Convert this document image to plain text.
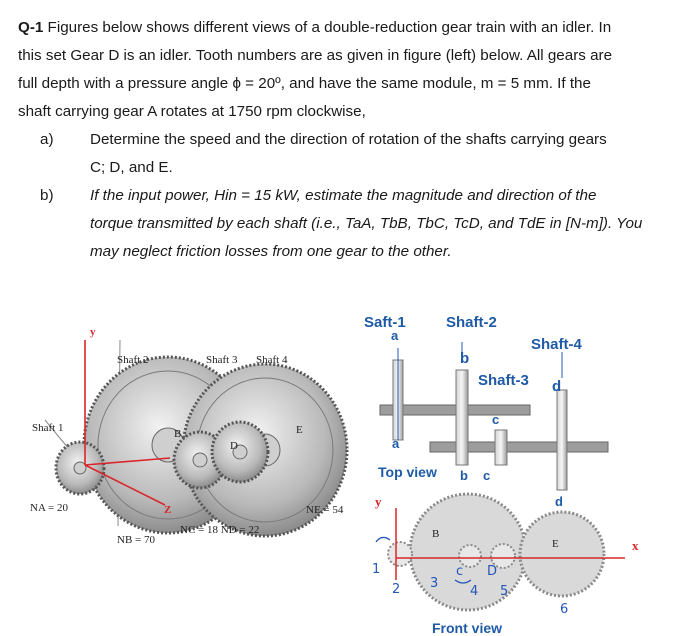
Q-1 Figures below shows different views of a double-reduction gear train with an idler. In
this set Gear D is an idler. Tooth numbers are as given in figure (left) below. All gears are
full depth with a pressure angle ϕ = 20º, and have the same module, m = 5 mm. If the
shaft carrying gear A rotates at 1750 rpm clockwise,
a) Determine the speed and the direction of rotation of the shafts carrying gears
C; D, and E.
b) If the input power, Hin = 15 kW, estimate the magnitude and direction of the
torque transmitted by each shaft (i.e., TaA, TbB, TbC, TcD, and TdE in [N-m]). You
may neglect friction losses from one gear to the other.
Shaft 2	Shaft 3 Shaft 4
Shaft 1	B
D
E
NA = 20
NB = 70
NC = 18 ND = 22
NE = 54
y
Z
Saft-1
a
Shaft-2
b
Shaft-4
Shaft-3 d
c
a
Top view b c
d
y
x
B
E
c D
Front view
1
2 3
4 5
6
